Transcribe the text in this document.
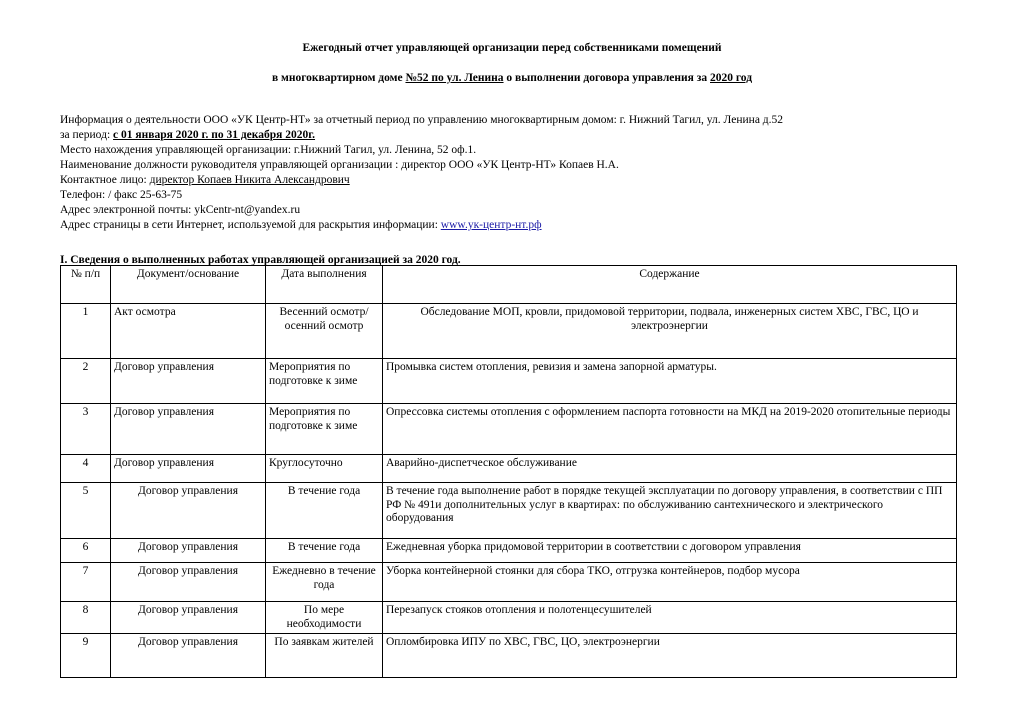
Ежегодный отчет управляющей организации перед собственниками помещений
в многоквартирном доме №52 по ул. Ленина о выполнении договора управления за 2020 год
Информация о деятельности ООО «УК Центр-НТ» за отчетный период по управлению многоквартирным домом: г. Нижний Тагил, ул. Ленина д.52
за период: с 01 января 2020 г. по 31 декабря 2020г.
Место нахождения управляющей организации: г.Нижний Тагил, ул. Ленина, 52 оф.1.
Наименование должности руководителя управляющей организации : директор ООО «УК Центр-НТ» Копаев Н.А.
Контактное лицо: директор Копаев Никита Александрович
Телефон: / факс 25-63-75
Адрес электронной почты: ykCentr-nt@yandex.ru
Адрес страницы в сети Интернет, используемой для раскрытия информации: www.ук-центр-нт.рф
I. Сведения о выполненных работах управляющей организацией за 2020 год.
№ п/п	Документ/основание	Дата выполнения	Содержание
1	Акт осмотра	Весенний осмотр/осенний осмотр	Обследование МОП, кровли, придомовой территории, подвала, инженерных систем ХВС, ГВС, ЦО и электроэнергии
2	Договор управления	Мероприятия по подготовке к зиме	Промывка систем отопления, ревизия и замена запорной арматуры.
3	Договор управления	Мероприятия по подготовке к зиме	Опрессовка системы отопления с оформлением паспорта готовности на МКД на 2019-2020 отопительные периоды
4	Договор управления	Круглосуточно	Аварийно-диспетческое обслуживание
5	Договор управления	В течение года	В течение года выполнение работ в порядке текущей эксплуатации по договору управления, в соответствии с ПП РФ № 491и дополнительных услуг в квартирах: по обслуживанию сантехнического и электрического оборудования
6	Договор управления	В течение года	Ежедневная уборка придомовой территории в соответствии с договором управления
7	Договор управления	Ежедневно в течение года	Уборка контейнерной стоянки для сбора ТКО, отгрузка контейнеров, подбор мусора
8	Договор управления	По мере необходимости	Перезапуск стояков отопления и полотенцесушителей
9	Договор управления	По заявкам жителей	Опломбировка ИПУ по ХВС, ГВС, ЦО, электроэнергии
